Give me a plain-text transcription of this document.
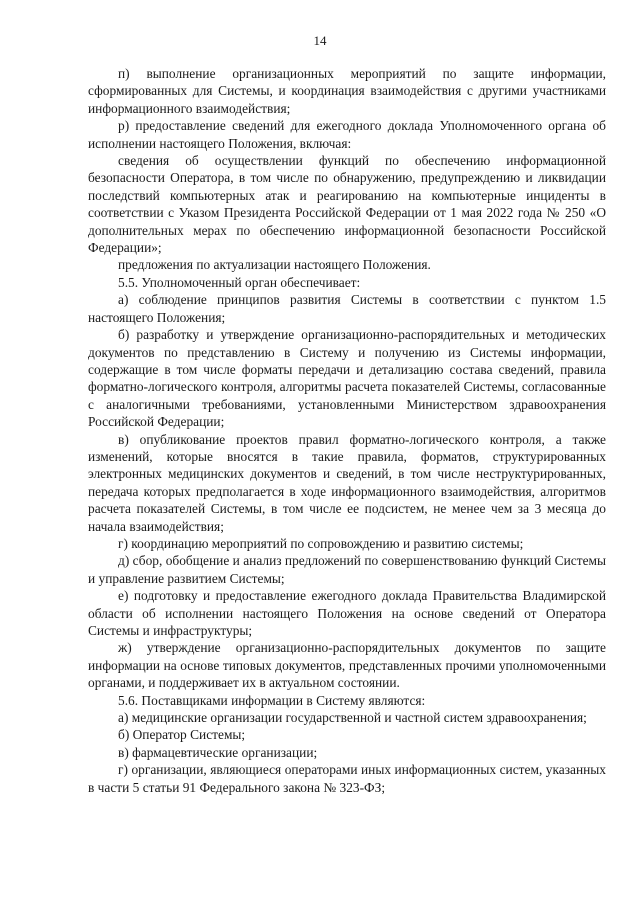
14

п) выполнение организационных мероприятий по защите информации, сформированных для Системы, и координация взаимодействия с другими участниками информационного взаимодействия;

р) предоставление сведений для ежегодного доклада Уполномоченного органа об исполнении настоящего Положения, включая:

сведения об осуществлении функций по обеспечению информационной безопасности Оператора, в том числе по обнаружению, предупреждению и ликвидации последствий компьютерных атак и реагированию на компьютерные инциденты в соответствии с Указом Президента Российской Федерации от 1 мая 2022 года № 250 «О дополнительных мерах по обеспечению информационной безопасности Российской Федерации»;

предложения по актуализации настоящего Положения.

5.5. Уполномоченный орган обеспечивает:

а) соблюдение принципов развития Системы в соответствии с пунктом 1.5 настоящего Положения;

б) разработку и утверждение организационно-распорядительных и методических документов по представлению в Систему и получению из Системы информации, содержащие в том числе форматы передачи и детализацию состава сведений, правила форматно-логического контроля, алгоритмы расчета показателей Системы, согласованные с аналогичными требованиями, установленными Министерством здравоохранения Российской Федерации;

в) опубликование проектов правил форматно-логического контроля, а также изменений, которые вносятся в такие правила, форматов, структурированных электронных медицинских документов и сведений, в том числе неструктурированных, передача которых предполагается в ходе информационного взаимодействия, алгоритмов расчета показателей Системы, в том числе ее подсистем, не менее чем за 3 месяца до начала взаимодействия;

г) координацию мероприятий по сопровождению и развитию системы;

д) сбор, обобщение и анализ предложений по совершенствованию функций Системы и управление развитием Системы;

е) подготовку и предоставление ежегодного доклада Правительства Владимирской области об исполнении настоящего Положения на основе сведений от Оператора Системы и инфраструктуры;

ж) утверждение организационно-распорядительных документов по защите информации на основе типовых документов, представленных прочими уполномоченными органами, и поддерживает их в актуальном состоянии.

5.6. Поставщиками информации в Систему являются:

а) медицинские организации государственной и частной систем здравоохранения;

б) Оператор Системы;

в) фармацевтические организации;

г) организации, являющиеся операторами иных информационных систем, указанных в части 5 статьи 91 Федерального закона № 323-ФЗ;
